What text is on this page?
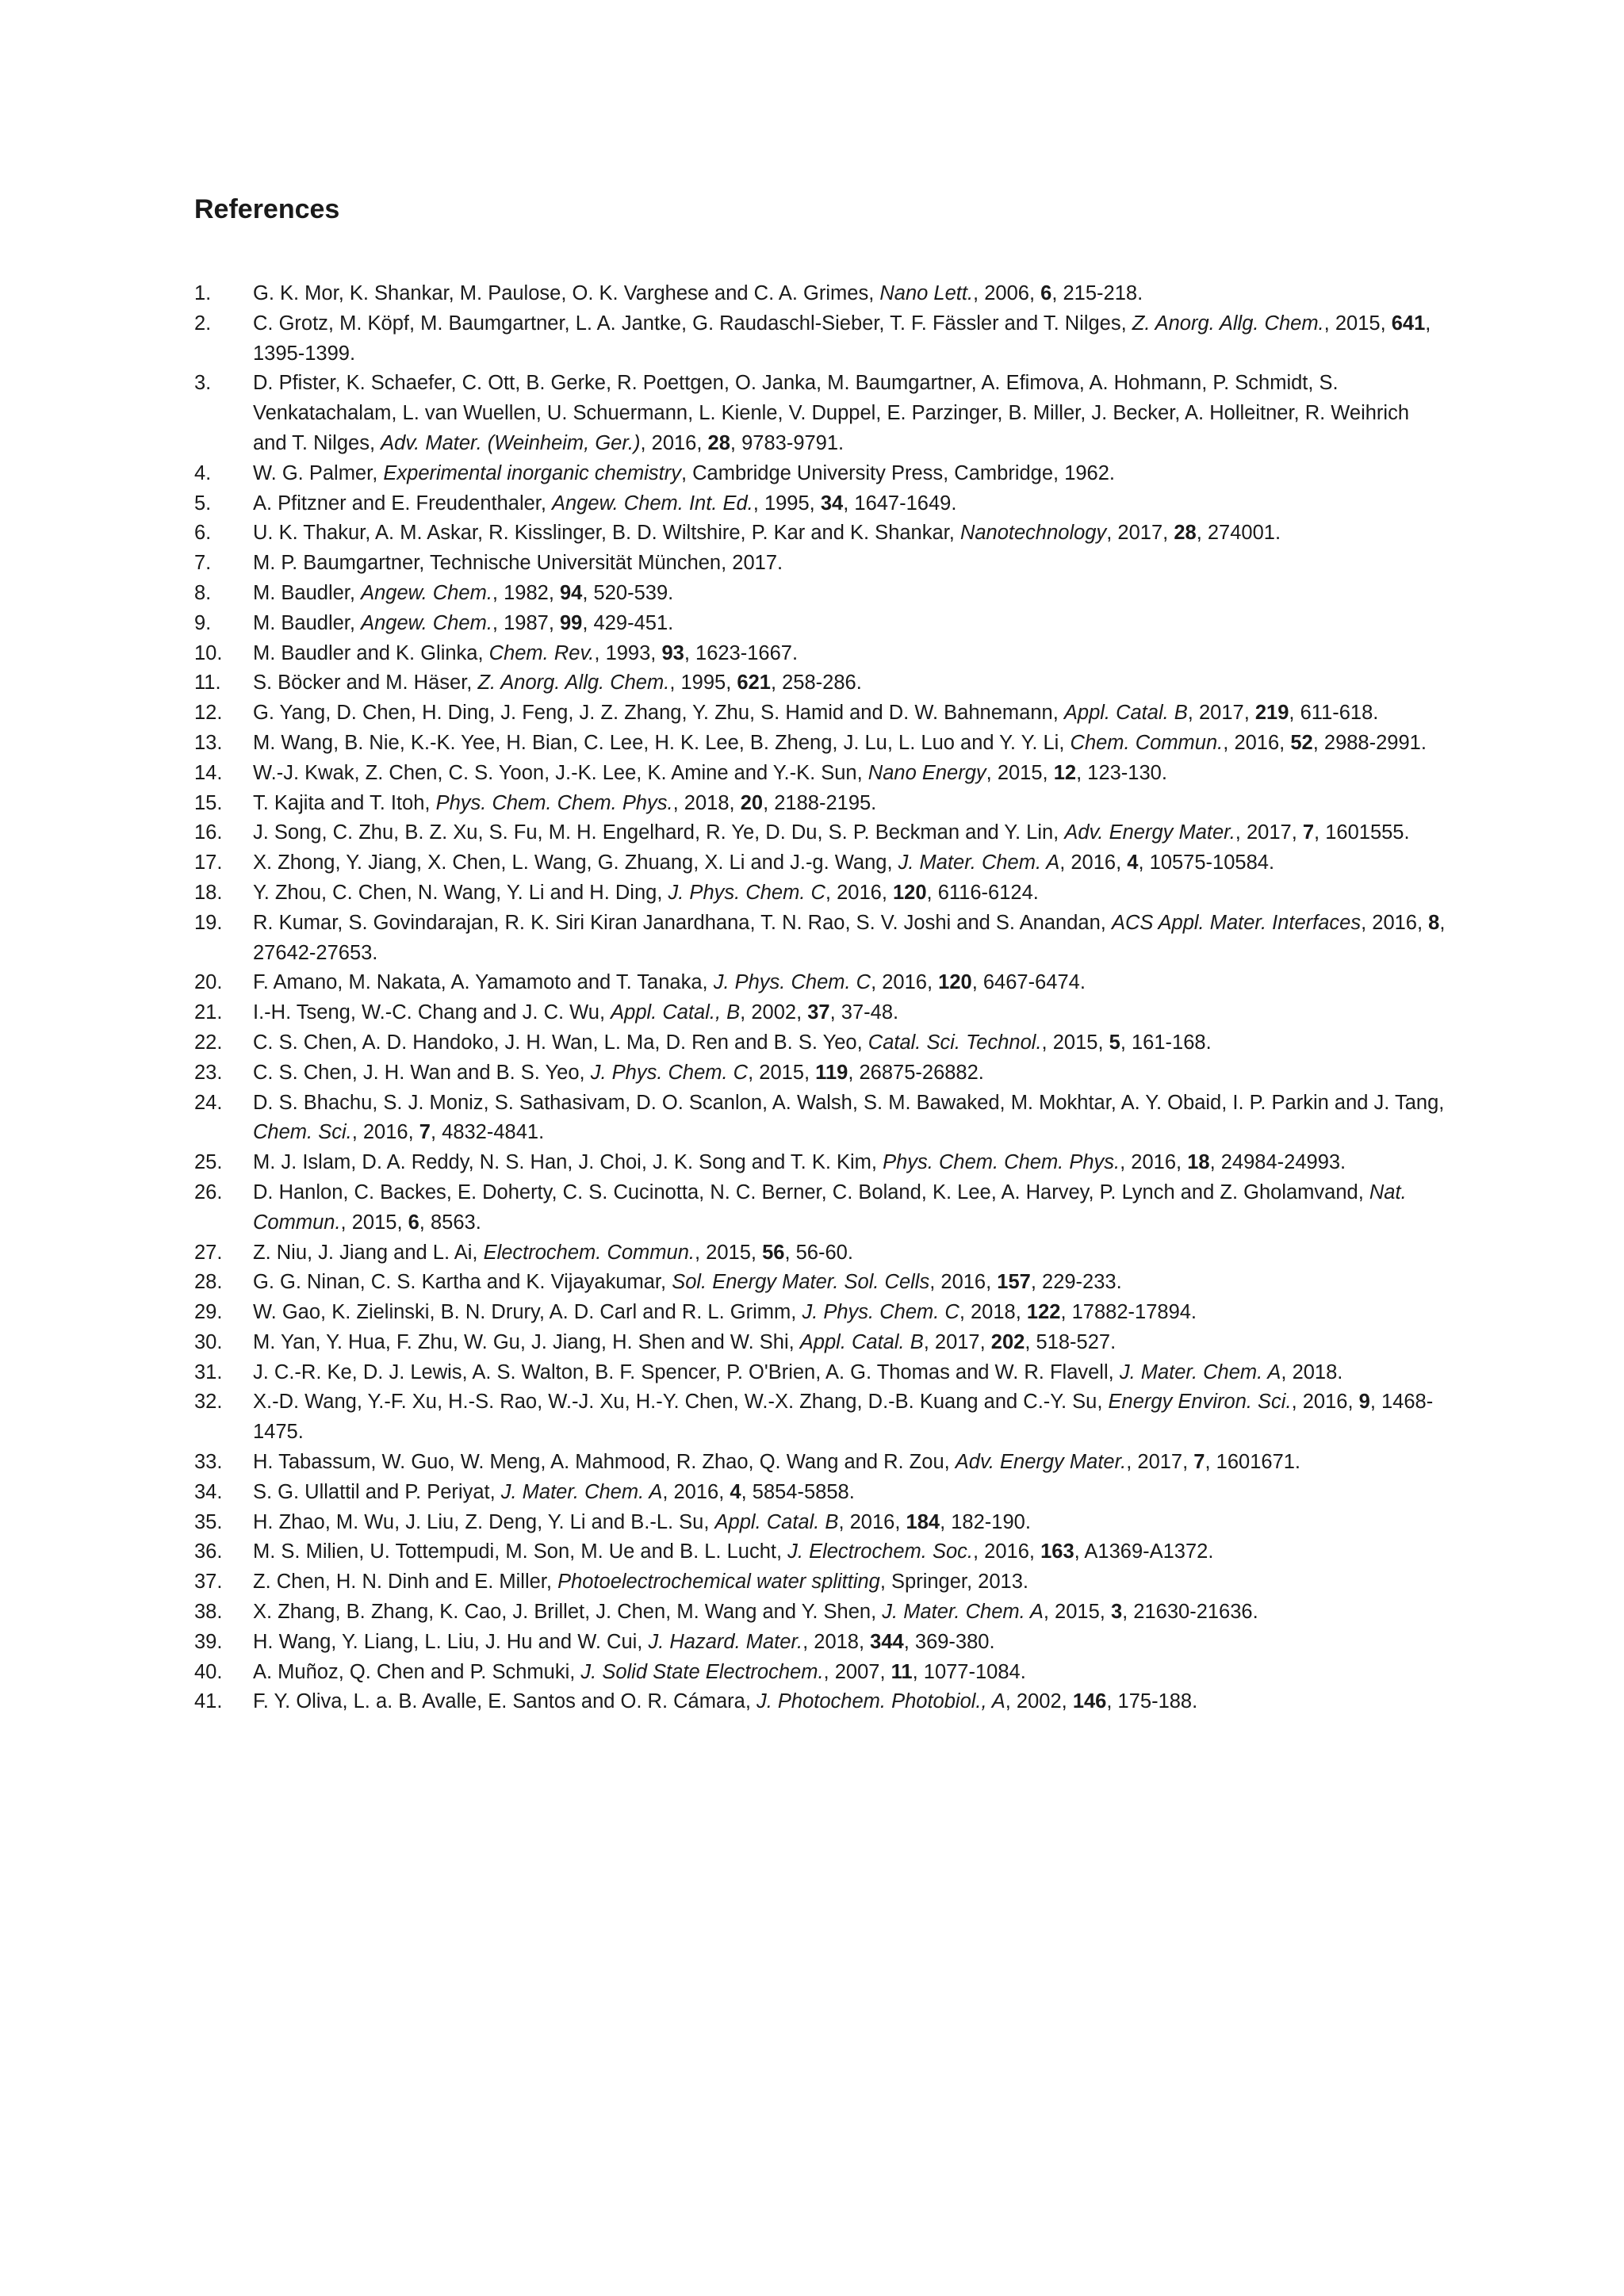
References
1. G. K. Mor, K. Shankar, M. Paulose, O. K. Varghese and C. A. Grimes, Nano Lett., 2006, 6, 215-218.
2. C. Grotz, M. Köpf, M. Baumgartner, L. A. Jantke, G. Raudaschl-Sieber, T. F. Fässler and T. Nilges, Z. Anorg. Allg. Chem., 2015, 641, 1395-1399.
3. D. Pfister, K. Schaefer, C. Ott, B. Gerke, R. Poettgen, O. Janka, M. Baumgartner, A. Efimova, A. Hohmann, P. Schmidt, S. Venkatachalam, L. van Wuellen, U. Schuermann, L. Kienle, V. Duppel, E. Parzinger, B. Miller, J. Becker, A. Holleitner, R. Weihrich and T. Nilges, Adv. Mater. (Weinheim, Ger.), 2016, 28, 9783-9791.
4. W. G. Palmer, Experimental inorganic chemistry, Cambridge University Press, Cambridge, 1962.
5. A. Pfitzner and E. Freudenthaler, Angew. Chem. Int. Ed., 1995, 34, 1647-1649.
6. U. K. Thakur, A. M. Askar, R. Kisslinger, B. D. Wiltshire, P. Kar and K. Shankar, Nanotechnology, 2017, 28, 274001.
7. M. P. Baumgartner, Technische Universität München, 2017.
8. M. Baudler, Angew. Chem., 1982, 94, 520-539.
9. M. Baudler, Angew. Chem., 1987, 99, 429-451.
10. M. Baudler and K. Glinka, Chem. Rev., 1993, 93, 1623-1667.
11. S. Böcker and M. Häser, Z. Anorg. Allg. Chem., 1995, 621, 258-286.
12. G. Yang, D. Chen, H. Ding, J. Feng, J. Z. Zhang, Y. Zhu, S. Hamid and D. W. Bahnemann, Appl. Catal. B, 2017, 219, 611-618.
13. M. Wang, B. Nie, K.-K. Yee, H. Bian, C. Lee, H. K. Lee, B. Zheng, J. Lu, L. Luo and Y. Y. Li, Chem. Commun., 2016, 52, 2988-2991.
14. W.-J. Kwak, Z. Chen, C. S. Yoon, J.-K. Lee, K. Amine and Y.-K. Sun, Nano Energy, 2015, 12, 123-130.
15. T. Kajita and T. Itoh, Phys. Chem. Chem. Phys., 2018, 20, 2188-2195.
16. J. Song, C. Zhu, B. Z. Xu, S. Fu, M. H. Engelhard, R. Ye, D. Du, S. P. Beckman and Y. Lin, Adv. Energy Mater., 2017, 7, 1601555.
17. X. Zhong, Y. Jiang, X. Chen, L. Wang, G. Zhuang, X. Li and J.-g. Wang, J. Mater. Chem. A, 2016, 4, 10575-10584.
18. Y. Zhou, C. Chen, N. Wang, Y. Li and H. Ding, J. Phys. Chem. C, 2016, 120, 6116-6124.
19. R. Kumar, S. Govindarajan, R. K. Siri Kiran Janardhana, T. N. Rao, S. V. Joshi and S. Anandan, ACS Appl. Mater. Interfaces, 2016, 8, 27642-27653.
20. F. Amano, M. Nakata, A. Yamamoto and T. Tanaka, J. Phys. Chem. C, 2016, 120, 6467-6474.
21. I.-H. Tseng, W.-C. Chang and J. C. Wu, Appl. Catal., B, 2002, 37, 37-48.
22. C. S. Chen, A. D. Handoko, J. H. Wan, L. Ma, D. Ren and B. S. Yeo, Catal. Sci. Technol., 2015, 5, 161-168.
23. C. S. Chen, J. H. Wan and B. S. Yeo, J. Phys. Chem. C, 2015, 119, 26875-26882.
24. D. S. Bhachu, S. J. Moniz, S. Sathasivam, D. O. Scanlon, A. Walsh, S. M. Bawaked, M. Mokhtar, A. Y. Obaid, I. P. Parkin and J. Tang, Chem. Sci., 2016, 7, 4832-4841.
25. M. J. Islam, D. A. Reddy, N. S. Han, J. Choi, J. K. Song and T. K. Kim, Phys. Chem. Chem. Phys., 2016, 18, 24984-24993.
26. D. Hanlon, C. Backes, E. Doherty, C. S. Cucinotta, N. C. Berner, C. Boland, K. Lee, A. Harvey, P. Lynch and Z. Gholamvand, Nat. Commun., 2015, 6, 8563.
27. Z. Niu, J. Jiang and L. Ai, Electrochem. Commun., 2015, 56, 56-60.
28. G. G. Ninan, C. S. Kartha and K. Vijayakumar, Sol. Energy Mater. Sol. Cells, 2016, 157, 229-233.
29. W. Gao, K. Zielinski, B. N. Drury, A. D. Carl and R. L. Grimm, J. Phys. Chem. C, 2018, 122, 17882-17894.
30. M. Yan, Y. Hua, F. Zhu, W. Gu, J. Jiang, H. Shen and W. Shi, Appl. Catal. B, 2017, 202, 518-527.
31. J. C.-R. Ke, D. J. Lewis, A. S. Walton, B. F. Spencer, P. O'Brien, A. G. Thomas and W. R. Flavell, J. Mater. Chem. A, 2018.
32. X.-D. Wang, Y.-F. Xu, H.-S. Rao, W.-J. Xu, H.-Y. Chen, W.-X. Zhang, D.-B. Kuang and C.-Y. Su, Energy Environ. Sci., 2016, 9, 1468-1475.
33. H. Tabassum, W. Guo, W. Meng, A. Mahmood, R. Zhao, Q. Wang and R. Zou, Adv. Energy Mater., 2017, 7, 1601671.
34. S. G. Ullattil and P. Periyat, J. Mater. Chem. A, 2016, 4, 5854-5858.
35. H. Zhao, M. Wu, J. Liu, Z. Deng, Y. Li and B.-L. Su, Appl. Catal. B, 2016, 184, 182-190.
36. M. S. Milien, U. Tottempudi, M. Son, M. Ue and B. L. Lucht, J. Electrochem. Soc., 2016, 163, A1369-A1372.
37. Z. Chen, H. N. Dinh and E. Miller, Photoelectrochemical water splitting, Springer, 2013.
38. X. Zhang, B. Zhang, K. Cao, J. Brillet, J. Chen, M. Wang and Y. Shen, J. Mater. Chem. A, 2015, 3, 21630-21636.
39. H. Wang, Y. Liang, L. Liu, J. Hu and W. Cui, J. Hazard. Mater., 2018, 344, 369-380.
40. A. Muñoz, Q. Chen and P. Schmuki, J. Solid State Electrochem., 2007, 11, 1077-1084.
41. F. Y. Oliva, L. a. B. Avalle, E. Santos and O. R. Cámara, J. Photochem. Photobiol., A, 2002, 146, 175-188.
